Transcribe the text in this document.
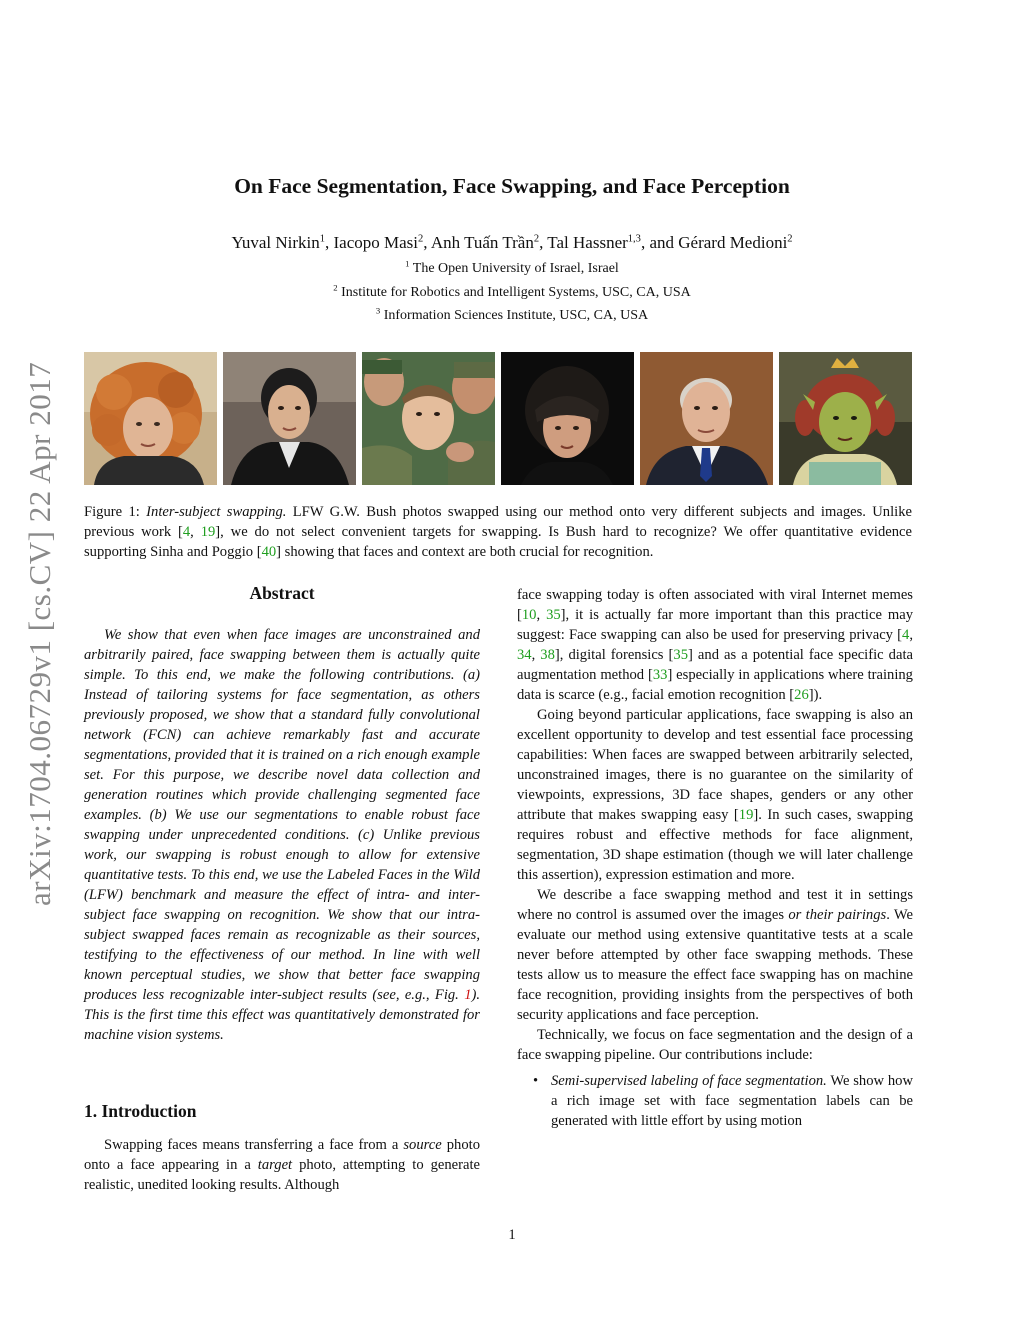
arXiv:1704.06729v1 [cs.CV] 22 Apr 2017
On Face Segmentation, Face Swapping, and Face Perception
Yuval Nirkin$^1$, Iacopo Masi$^2$, Anh Tuấn Trần$^2$, Tal Hassner$^{1,3}$, and Gérard Medioni$^2$
$^1$ The Open University of Israel, Israel
$^2$ Institute for Robotics and Intelligent Systems, USC, CA, USA
$^3$ Information Sciences Institute, USC, CA, USA
Figure 1: Inter-subject swapping. LFW G.W. Bush photos swapped using our method onto very different subjects and images. Unlike previous work [4, 19], we do not select convenient targets for swapping. Is Bush hard to recognize? We offer quantitative evidence supporting Sinha and Poggio [40] showing that faces and context are both crucial for recognition.
Abstract

We show that even when face images are unconstrained and arbitrarily paired, face swapping between them is actually quite simple. To this end, we make the following contributions. (a) Instead of tailoring systems for face segmentation, as others previously proposed, we show that a standard fully convolutional network (FCN) can achieve remarkably fast and accurate segmentations, provided that it is trained on a rich enough example set. For this purpose, we describe novel data collection and generation routines which provide challenging segmented face examples. (b) We use our segmentations to enable robust face swapping under unprecedented conditions. (c) Unlike previous work, our swapping is robust enough to allow for extensive quantitative tests. To this end, we use the Labeled Faces in the Wild (LFW) benchmark and measure the effect of intra- and inter-subject face swapping on recognition. We show that our intra-subject swapped faces remain as recognizable as their sources, testifying to the effectiveness of our method. In line with well known perceptual studies, we show that better face swapping produces less recognizable inter-subject results (see, e.g., Fig. 1). This is the first time this effect was quantitatively demonstrated for machine vision systems.

1. Introduction

Swapping faces means transferring a face from a source photo onto a face appearing in a target photo, attempting to generate realistic, unedited looking results. Although

face swapping today is often associated with viral Internet memes [10, 35], it is actually far more important than this practice may suggest: Face swapping can also be used for preserving privacy [4, 34, 38], digital forensics [35] and as a potential face specific data augmentation method [33] especially in applications where training data is scarce (e.g., facial emotion recognition [26]).

Going beyond particular applications, face swapping is also an excellent opportunity to develop and test essential face processing capabilities: When faces are swapped between arbitrarily selected, unconstrained images, there is no guarantee on the similarity of viewpoints, expressions, 3D face shapes, genders or any other attribute that makes swapping easy [19]. In such cases, swapping requires robust and effective methods for face alignment, segmentation, 3D shape estimation (though we will later challenge this assertion), expression estimation and more.

We describe a face swapping method and test it in settings where no control is assumed over the images or their pairings. We evaluate our method using extensive quantitative tests at a scale never before attempted by other face swapping methods. These tests allow us to measure the effect face swapping has on machine face recognition, providing insights from the perspectives of both security applications and face perception.

Technically, we focus on face segmentation and the design of a face swapping pipeline. Our contributions include:

• Semi-supervised labeling of face segmentation. We show how a rich image set with face segmentation labels can be generated with little effort by using motion
1
